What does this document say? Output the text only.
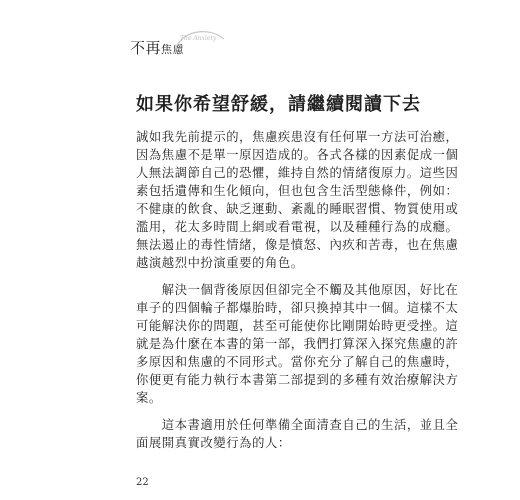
不再焦慮
The Anxiety
如果你希望舒緩，請繼續閱讀下去
誠如我先前提示的，焦慮疾患沒有任何單一方法可治癒，
因為焦慮不是單一原因造成的。各式各樣的因素促成一個
人無法調節自己的恐懼，維持自然的情緒復原力。這些因
素包括遺傳和生化傾向，但也包含生活型態條件，例如：
不健康的飲食、缺乏運動、紊亂的睡眠習慣、物質使用或
濫用，花太多時間上網或看電視，以及種種行為的成癮。
無法遏止的毒性情緒，像是憤怒、內疚和苦毒，也在焦慮
越演越烈中扮演重要的角色。
　　解決一個背後原因但卻完全不觸及其他原因，好比在
車子的四個輪子都爆胎時，卻只換掉其中一個。這樣不太
可能解決你的問題，甚至可能使你比剛開始時更受挫。這
就是為什麼在本書的第一部，我們打算深入探究焦慮的許
多原因和焦慮的不同形式。當你充分了解自己的焦慮時，
你便更有能力執行本書第二部提到的多種有效治療解決方
案。
　　這本書適用於任何準備全面清查自己的生活，並且全
面展開真實改變行為的人：
22
